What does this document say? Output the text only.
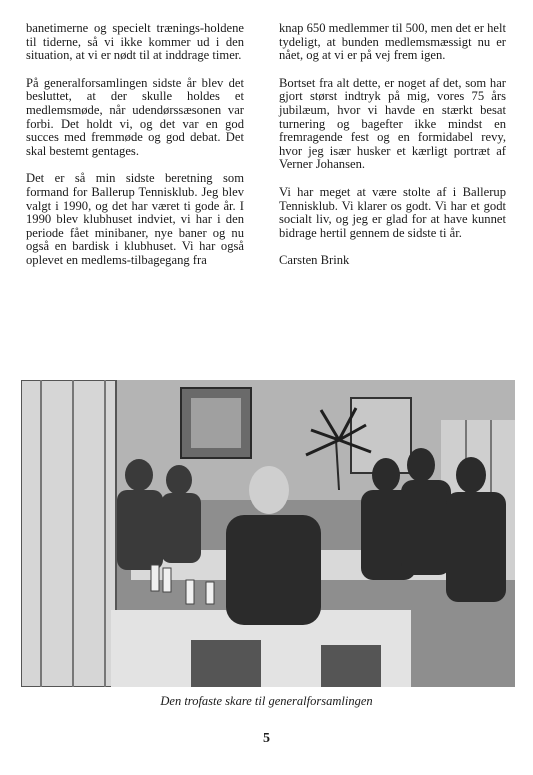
banetimerne og specielt trænings-holdene til tiderne, så vi ikke kommer ud i den situation, at vi er nødt til at inddrage timer.

På generalforsamlingen sidste år blev det besluttet, at der skulle holdes et medlemsmøde, når udendørssæsonen var forbi. Det holdt vi, og det var en god succes med fremmøde og god debat. Det skal bestemt gentages.

Det er så min sidste beretning som formand for Ballerup Tennisklub. Jeg blev valgt i 1990, og det har været ti gode år. I 1990 blev klubhuset indviet, vi har i den periode fået minibaner, nye baner og nu også en bardisk i klubhuset. Vi har også oplevet en medlems-tilbagegang fra

knap 650 medlemmer til 500, men det er helt tydeligt, at bunden medlemsmæssigt nu er nået, og at vi er på vej frem igen.

Bortset fra alt dette, er noget af det, som har gjort størst indtryk på mig, vores 75 års jubilæum, hvor vi havde en stærkt besat turnering og bagefter ikke mindst en fremragende fest og en formidabel revy, hvor jeg især husker et kærligt portræt af Verner Johansen.

Vi har meget at være stolte af i Ballerup Tennisklub. Vi klarer os godt. Vi har et godt socialt liv, og jeg er glad for at have kunnet bidrage hertil gennem de sidste ti år.

Carsten Brink

Den trofaste skare til generalforsamlingen
5
